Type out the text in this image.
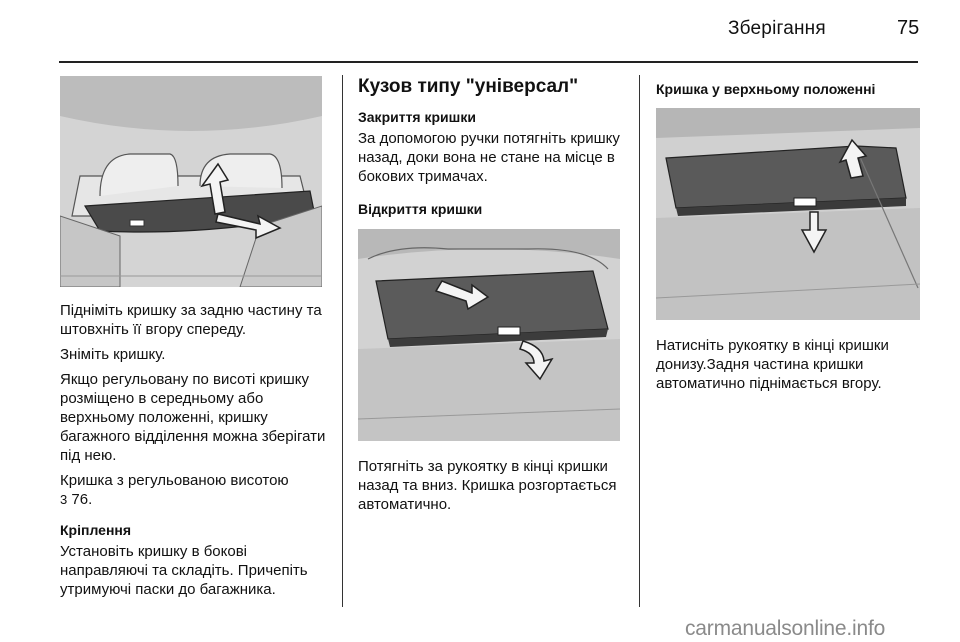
Зберігання	75

Підніміть кришку за задню частину та штовхніть її вгору спереду.

Зніміть кришку.

Якщо регульовану по висоті кришку розміщено в середньому або верхньому положенні, кришку багажного відділення можна зберігати під нею.

Кришка з регульованою висотою
3 76.

Кріплення

Установіть кришку в бокові направляючі та складіть. Причепіть утримуючі паски до багажника.

Кузов типу "універсал"
Закриття кришки

За допомогою ручки потягніть кришку назад, доки вона не стане на місце в бокових тримачах.

Відкриття кришки

Потягніть за рукоятку в кінці кришки назад та вниз. Кришка розгортається автоматично.

Кришка у верхньому положенні

Натисніть рукоятку в кінці кришки донизу.Задня частина кришки автоматично піднімається вгору.

carmanualsonline.info
